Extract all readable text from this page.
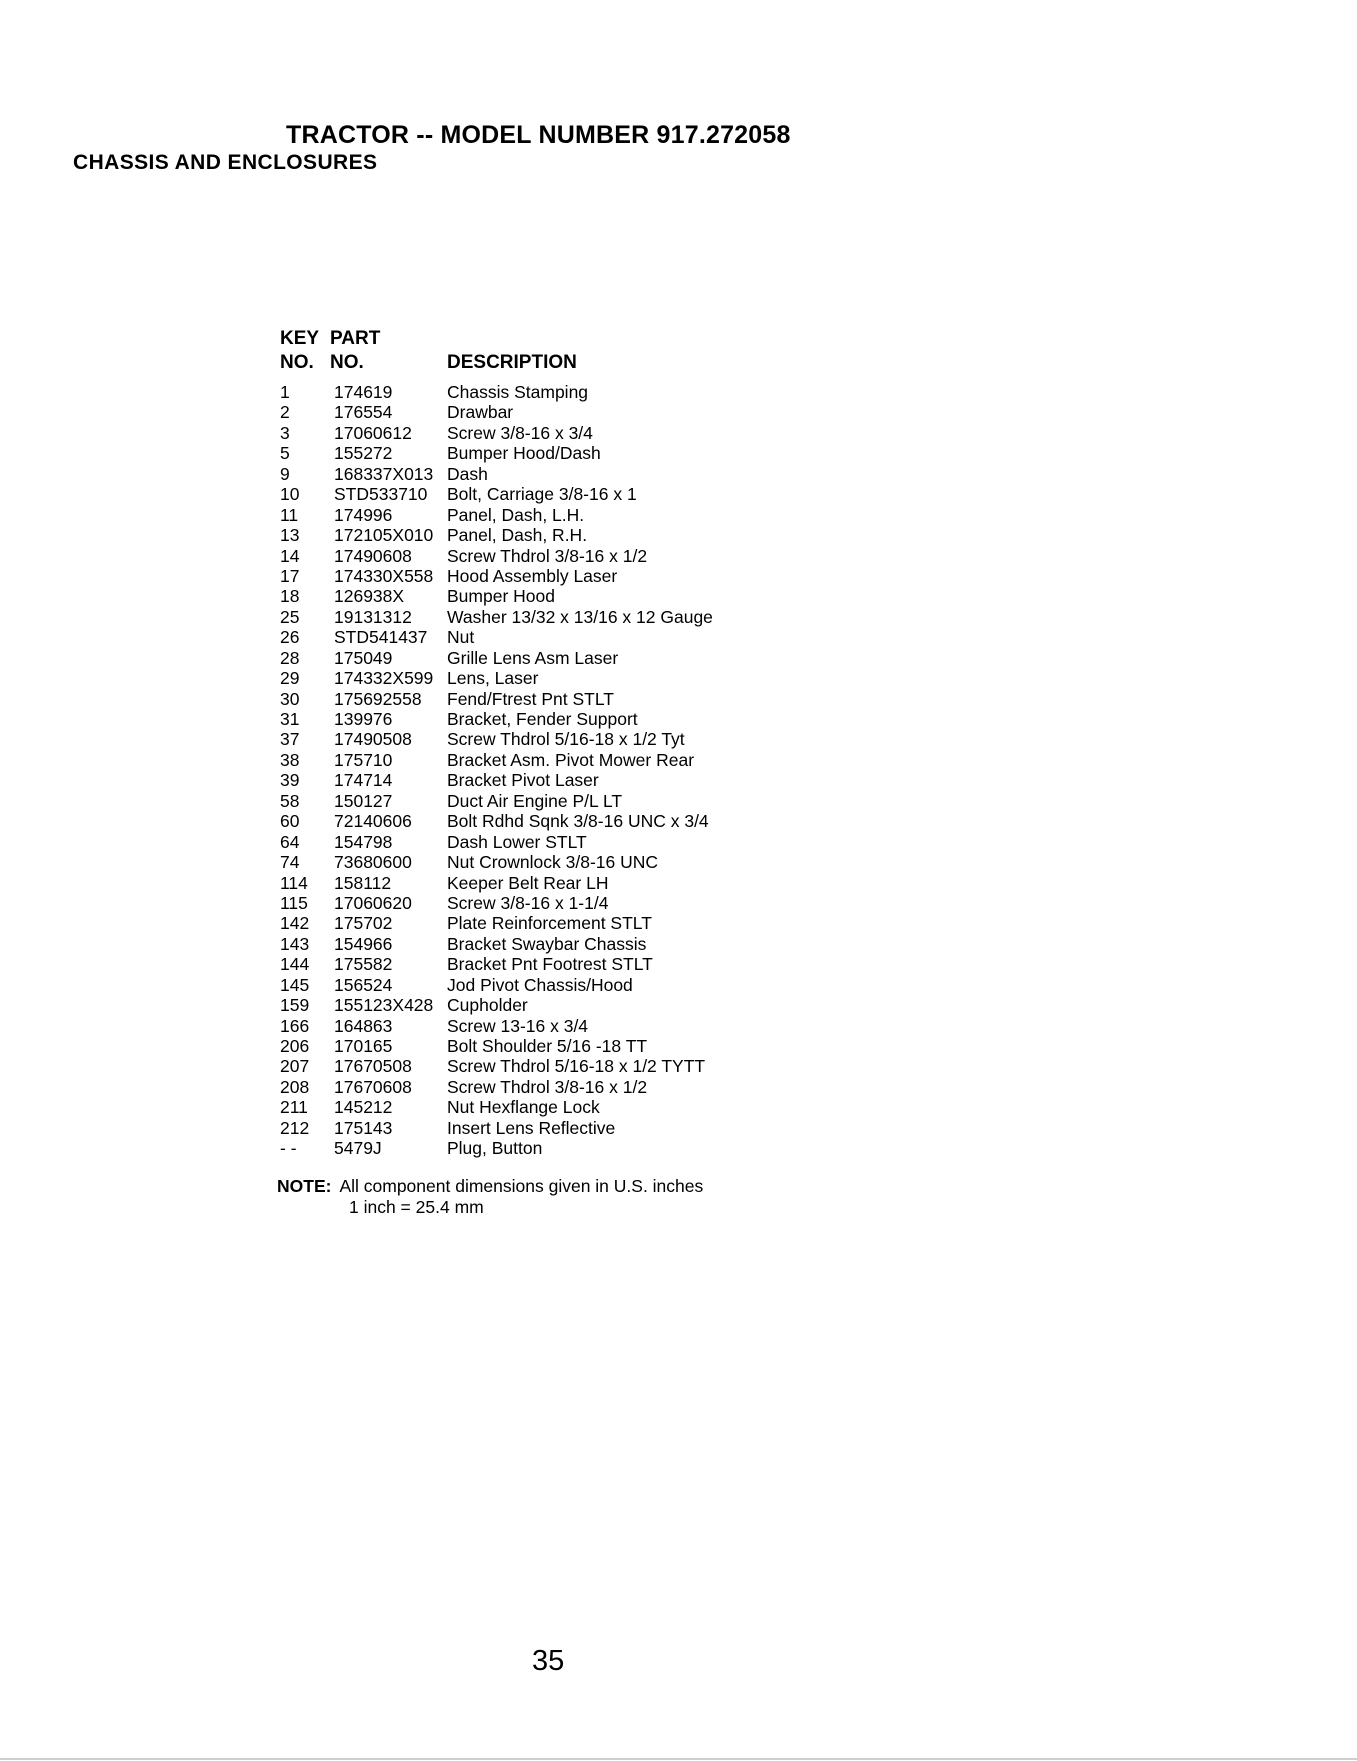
TRACTOR -- MODEL NUMBER 917.272058
CHASSIS AND ENCLOSURES
KEY PART
NO. NO.	DESCRIPTION
1	174619	Chassis Stamping
2	176554	Drawbar
3	17060612 Screw 3/8-16 x 3/4
5	155272	Bumper Hood/Dash
9	168337X013 Dash
10 STD533710 Bolt, Carriage 3/8-16 x 1
11 174996	Panel, Dash, L.H.
13 172105X010 Panel, Dash, R.H.
14 17490608 Screw Thdrol 3/8-16 x 1/2
17 174330X558 Hood Assembly Laser
18 126938X Bumper Hood
25 19131312 Washer 13/32 x 13/16 x 12 Gauge
26 STD541437 Nut
28 175049	Grille Lens Asm Laser
29 174332X599 Lens, Laser
30 175692558 Fend/Ftrest Pnt STLT
31 139976	Bracket, Fender Support
37 17490508 Screw Thdrol 5/16-18 x 1/2 Tyt
38 175710	Bracket Asm. Pivot Mower Rear
39 174714	Bracket Pivot Laser
58 150127	Duct Air Engine P/L LT
60 72140606 Bolt Rdhd Sqnk 3/8-16 UNC x 3/4
64 154798	Dash Lower STLT
74 73680600 Nut Crownlock 3/8-16 UNC
114 158112	Keeper Belt Rear LH
115 17060620 Screw 3/8-16 x 1-1/4
142 175702	Plate Reinforcement STLT
143 154966	Bracket Swaybar Chassis
144 175582	Bracket Pnt Footrest STLT
145 156524	Jod Pivot Chassis/Hood
159 155123X428 Cupholder
166 164863	Screw 13-16 x 3/4
206 170165	Bolt Shoulder 5/16 -18 TT
207 17670508 Screw Thdrol 5/16-18 x 1/2 TYTT
208 17670608 Screw Thdrol 3/8-16 x 1/2
211 145212	Nut Hexflange Lock
212 175143	Insert Lens Reflective
- - 5479J	Plug, Button
NOTE: All component dimensions given in U.S. inches
1 inch = 25.4 mm
35
